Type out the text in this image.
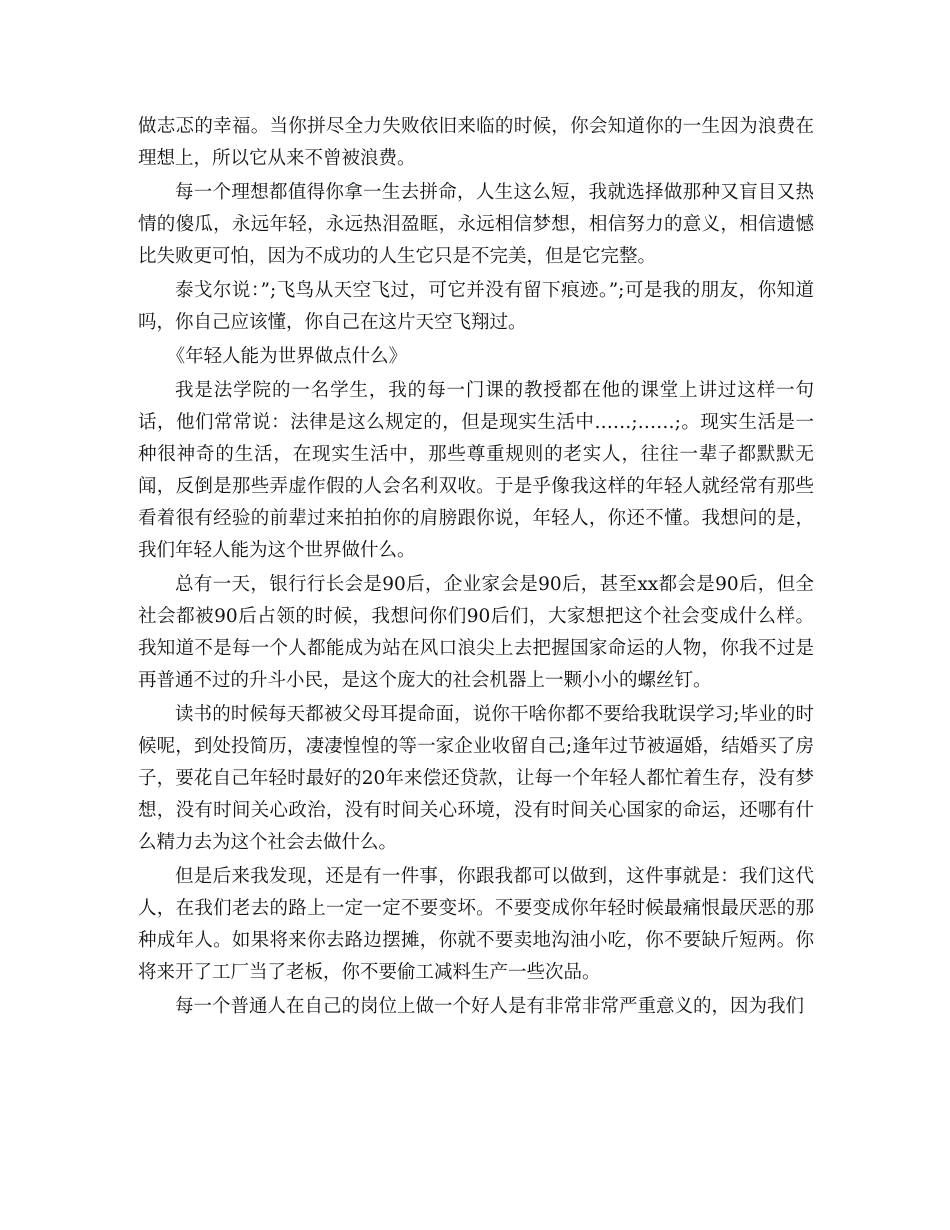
做志忑的幸福。当你拼尽全力失败依旧来临的时候，你会知道你的一生因为浪费在理想上，所以它从来不曾被浪费。

每一个理想都值得你拿一生去拼命，人生这么短，我就选择做那种又盲目又热情的傻瓜，永远年轻，永远热泪盈眶，永远相信梦想，相信努力的意义，相信遗憾比失败更可怕，因为不成功的人生它只是不完美，但是它完整。

泰戈尔说：”;飞鸟从天空飞过，可它并没有留下痕迹。”;可是我的朋友，你知道吗，你自己应该懂，你自己在这片天空飞翔过。

《年轻人能为世界做点什么》

我是法学院的一名学生，我的每一门课的教授都在他的课堂上讲过这样一句话，他们常常说：法律是这么规定的，但是现实生活中……;……;。现实生活是一种很神奇的生活，在现实生活中，那些尊重规则的老实人，往往一辈子都默默无闻，反倒是那些弄虚作假的人会名利双收。于是乎像我这样的年轻人就经常有那些看着很有经验的前辈过来拍拍你的肩膀跟你说，年轻人，你还不懂。我想问的是，我们年轻人能为这个世界做什么。

总有一天，银行行长会是90后，企业家会是90后，甚至xx都会是90后，但全社会都被90后占领的时候，我想问你们90后们，大家想把这个社会变成什么样。我知道不是每一个人都能成为站在风口浪尖上去把握国家命运的人物，你我不过是再普通不过的升斗小民，是这个庞大的社会机器上一颗小小的螺丝钉。

读书的时候每天都被父母耳提命面，说你干啥你都不要给我耽误学习;毕业的时候呢，到处投简历，凄凄惶惶的等一家企业收留自己;逢年过节被逼婚，结婚买了房子，要花自己年轻时最好的20年来偿还贷款，让每一个年轻人都忙着生存，没有梦想，没有时间关心政治，没有时间关心环境，没有时间关心国家的命运，还哪有什么精力去为这个社会去做什么。

但是后来我发现，还是有一件事，你跟我都可以做到，这件事就是：我们这代人，在我们老去的路上一定一定不要变坏。不要变成你年轻时候最痛恨最厌恶的那种成年人。如果将来你去路边摆摊，你就不要卖地沟油小吃，你不要缺斤短两。你将来开了工厂当了老板，你不要偷工减料生产一些次品。

每一个普通人在自己的岗位上做一个好人是有非常非常严重意义的，因为我们
